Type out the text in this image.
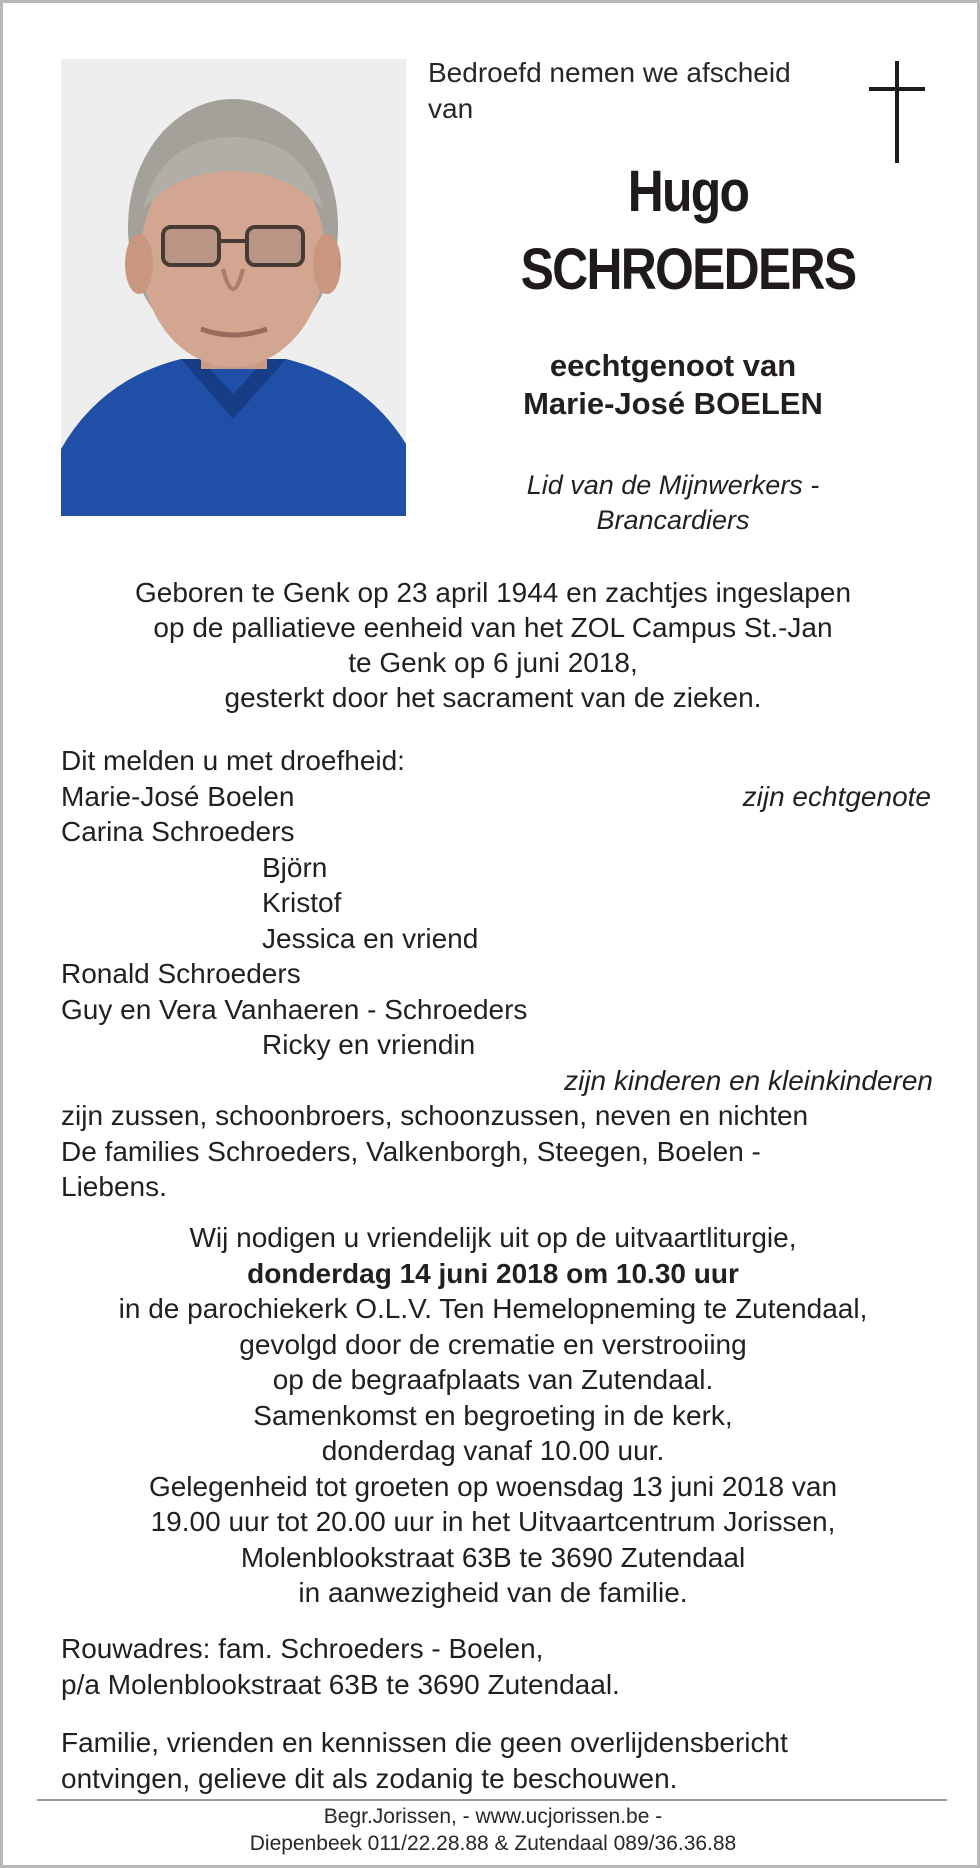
Bedroefd nemen we afscheid
van
Hugo
SCHROEDERS
eechtgenoot van
Marie-José BOELEN
Lid van de Mijnwerkers -
Brancardiers
Geboren te Genk op 23 april 1944 en zachtjes ingeslapen
op de palliatieve eenheid van het ZOL Campus St.-Jan
te Genk op 6 juni 2018,
gesterkt door het sacrament van de zieken.
Dit melden u met droefheid:
Marie-José Boelen	zijn echtgenote
Carina Schroeders
Björn
Kristof
Jessica en vriend
Ronald Schroeders
Guy en Vera Vanhaeren - Schroeders
Ricky en vriendin
zijn kinderen en kleinkinderen
zijn zussen, schoonbroers, schoonzussen, neven en nichten
De families Schroeders, Valkenborgh, Steegen, Boelen -
Liebens.
Wij nodigen u vriendelijk uit op de uitvaartliturgie,
donderdag 14 juni 2018 om 10.30 uur
in de parochiekerk O.L.V. Ten Hemelopneming te Zutendaal,
gevolgd door de crematie en verstrooiing
op de begraafplaats van Zutendaal.
Samenkomst en begroeting in de kerk,
donderdag vanaf 10.00 uur.
Gelegenheid tot groeten op woensdag 13 juni 2018 van
19.00 uur tot 20.00 uur in het Uitvaartcentrum Jorissen,
Molenblookstraat 63B te 3690 Zutendaal
in aanwezigheid van de familie.
Rouwadres: fam. Schroeders - Boelen,
p/a Molenblookstraat 63B te 3690 Zutendaal.
Familie, vrienden en kennissen die geen overlijdensbericht
ontvingen, gelieve dit als zodanig te beschouwen.
Begr.Jorissen, - www.ucjorissen.be -
Diepenbeek 011/22.28.88 & Zutendaal 089/36.36.88
